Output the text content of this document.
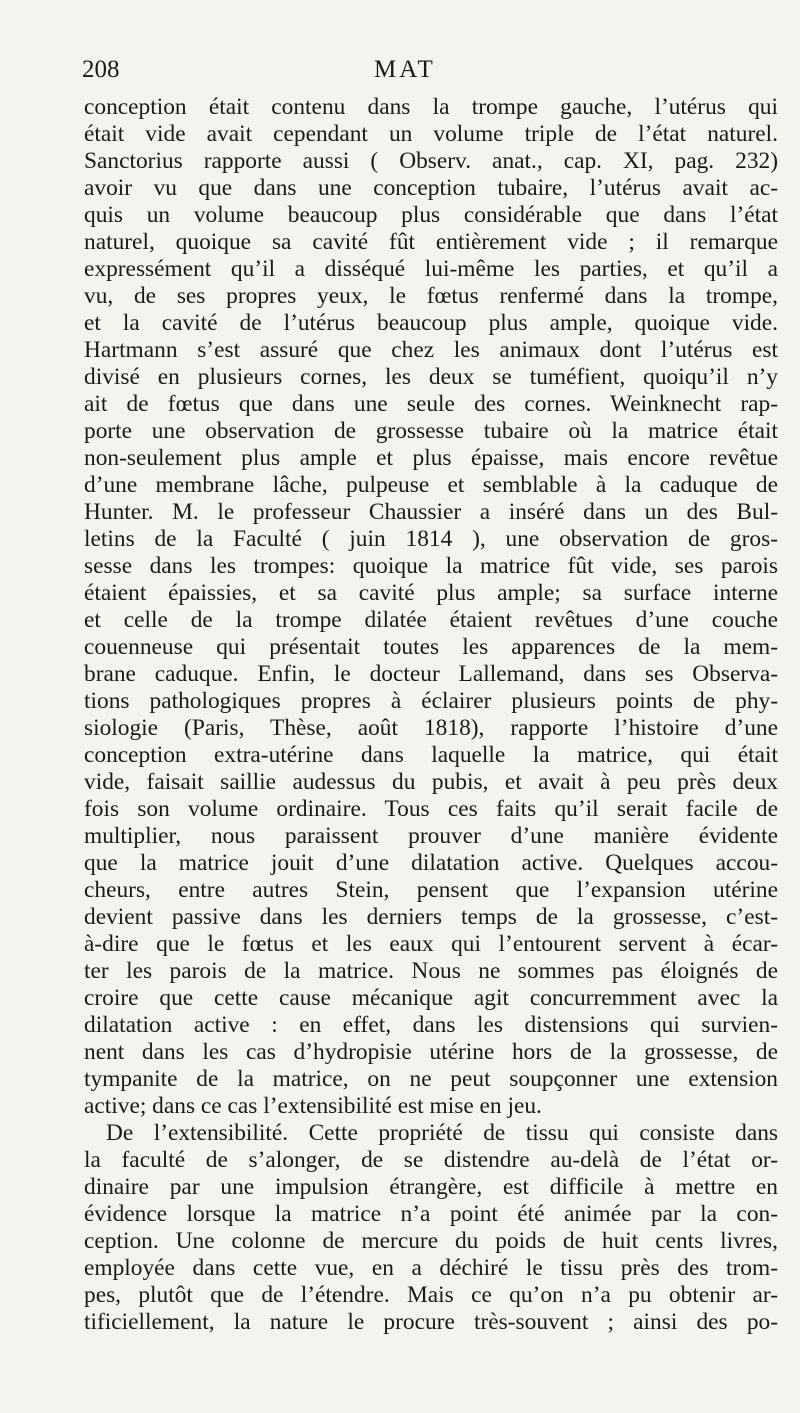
208	MAT
conception était contenu dans la trompe gauche, l’utérus qui
était vide avait cependant un volume triple de l’état naturel.
Sanctorius rapporte aussi ( Observ. anat., cap. XI, pag. 232)
avoir vu que dans une conception tubaire, l’utérus avait ac-
quis un volume beaucoup plus considérable que dans l’état
naturel, quoique sa cavité fût entièrement vide ; il remarque
expressément qu’il a disséqué lui-même les parties, et qu’il a
vu, de ses propres yeux, le fœtus renfermé dans la trompe,
et la cavité de l’utérus beaucoup plus ample, quoique vide.
Hartmann s’est assuré que chez les animaux dont l’utérus est
divisé en plusieurs cornes, les deux se tuméfient, quoiqu’il n’y
ait de fœtus que dans une seule des cornes. Weinknecht rap-
porte une observation de grossesse tubaire où la matrice était
non-seulement plus ample et plus épaisse, mais encore revêtue
d’une membrane lâche, pulpeuse et semblable à la caduque de
Hunter. M. le professeur Chaussier a inséré dans un des Bul-
letins de la Faculté ( juin 1814 ), une observation de gros-
sesse dans les trompes: quoique la matrice fût vide, ses parois
étaient épaissies, et sa cavité plus ample; sa surface interne
et celle de la trompe dilatée étaient revêtues d’une couche
couenneuse qui présentait toutes les apparences de la mem-
brane caduque. Enfin, le docteur Lallemand, dans ses Observa-
tions pathologiques propres à éclairer plusieurs points de phy-
siologie (Paris, Thèse, août 1818), rapporte l’histoire d’une
conception extra-utérine dans laquelle la matrice, qui était
vide, faisait saillie audessus du pubis, et avait à peu près deux
fois son volume ordinaire. Tous ces faits qu’il serait facile de
multiplier, nous paraissent prouver d’une manière évidente
que la matrice jouit d’une dilatation active. Quelques accou-
cheurs, entre autres Stein, pensent que l’expansion utérine
devient passive dans les derniers temps de la grossesse, c’est-
à-dire que le fœtus et les eaux qui l’entourent servent à écar-
ter les parois de la matrice. Nous ne sommes pas éloignés de
croire que cette cause mécanique agit concurremment avec la
dilatation active : en effet, dans les distensions qui survien-
nent dans les cas d’hydropisie utérine hors de la grossesse, de
tympanite de la matrice, on ne peut soupçonner une extension
active; dans ce cas l’extensibilité est mise en jeu.
De l’extensibilité. Cette propriété de tissu qui consiste dans
la faculté de s’alonger, de se distendre au-delà de l’état or-
dinaire par une impulsion étrangère, est difficile à mettre en
évidence lorsque la matrice n’a point été animée par la con-
ception. Une colonne de mercure du poids de huit cents livres,
employée dans cette vue, en a déchiré le tissu près des trom-
pes, plutôt que de l’étendre. Mais ce qu’on n’a pu obtenir ar-
tificiellement, la nature le procure très-souvent ; ainsi des po-
